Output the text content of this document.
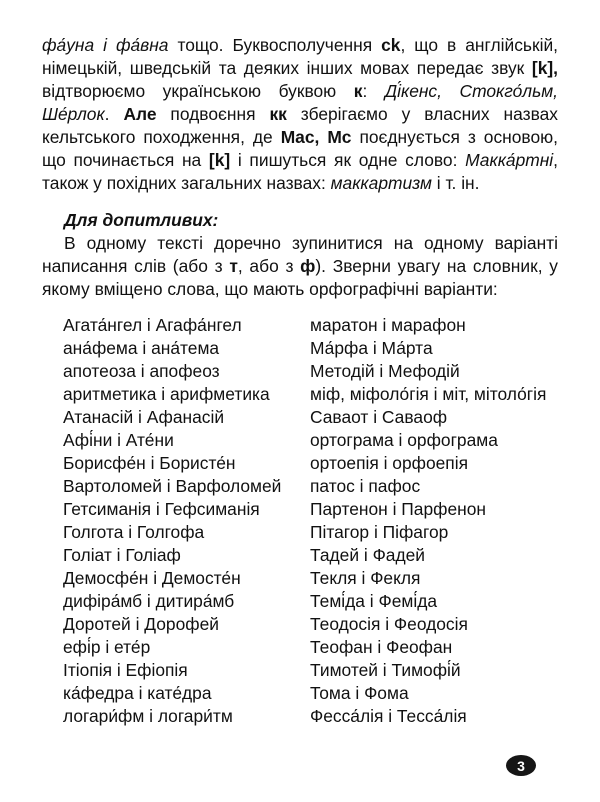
фа́уна і фа́вна тощо. Буквосполучення ck, що в англійській, німецькій, шведській та деяких інших мовах передає звук [k], відтворюємо українською буквою к: Ді́кенс, Стокго́льм, Ше́рлок. Але подвоєння кк зберігаємо у власних назвах кельтського походження, де Mac, Mc поєднується з основою, що починається на [k] і пишуться як одне слово: Макка́ртні, також у похідних загальних назвах: маккартизм і т. ін.

Для допитливих:

В одному тексті доречно зупинитися на одному варіанті написання слів (або з т, або з ф). Зверни увагу на словник, у якому вміщено слова, що мають орфографічні варіанти:

Агата́нгел і Агафа́нгел
ана́фема і ана́тема
апотеоза і апофеоз
аритметика і арифметика
Атанасій і Афанасій
Афі́ни і Ате́ни
Борисфе́н і Бористе́н
Вартоломей і Варфоломей
Гетсиманія і Гефсиманія
Голгота і Голгофа
Голіат і Голіаф
Демосфе́н і Демосте́н
дифіра́мб і дитира́мб
Доротей і Дорофей
ефі́р і ете́р
Ітіопія і Ефіопія
ка́федра і кате́дра
логари́фм і логари́тм
маратон і марафон
Ма́рфа і Ма́рта
Методій і Мефодій
міф, міфоло́гія і міт, мітоло́гія
Саваот і Саваоф
ортограма і орфограма
ортоепія і орфоепія
патос і пафос
Партенон і Парфенон
Пітагор і Піфагор
Тадей і Фадей
Текля і Фекля
Темі́да і Фемі́да
Теодосія і Феодосія
Теофан і Феофан
Тимотей і Тимофі́й
Тома і Фома
Фесса́лія і Тесса́лія
3
